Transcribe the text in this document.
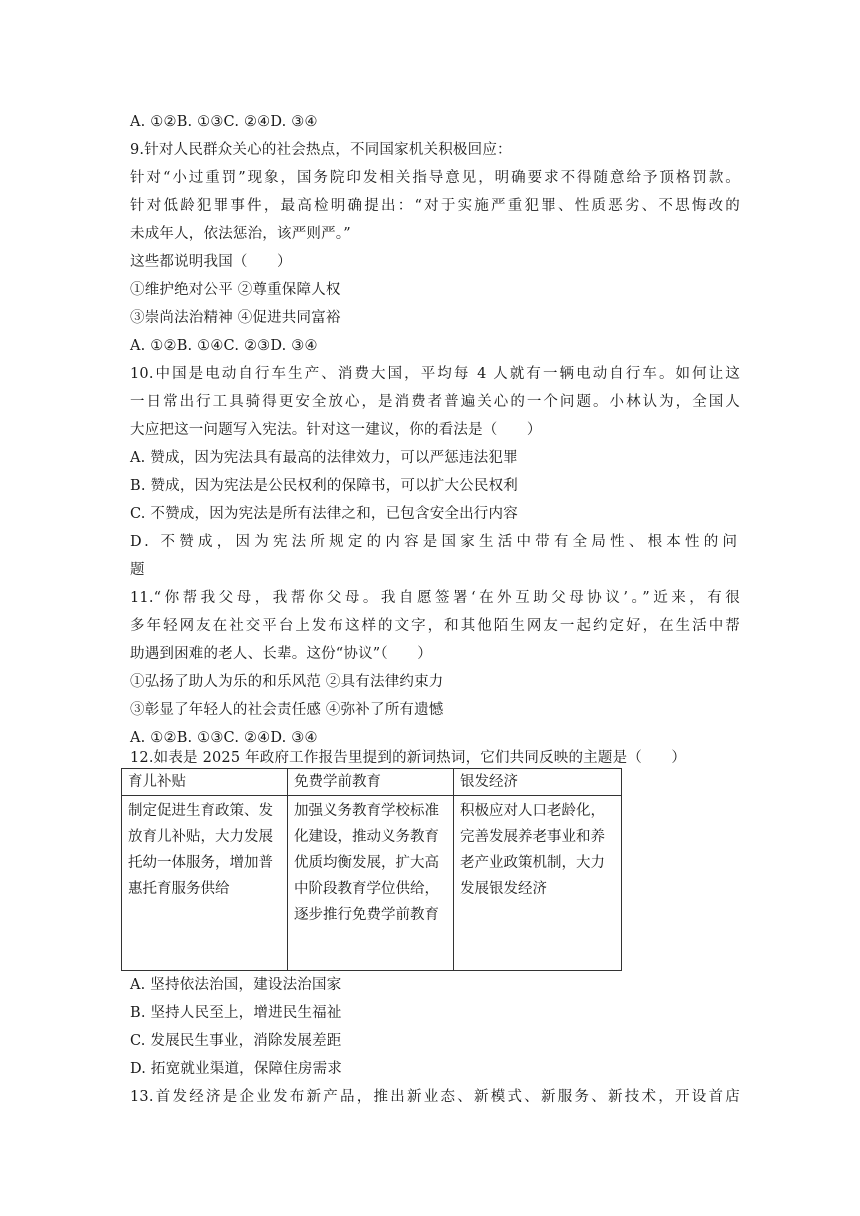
A. ①②B. ①③C. ②④D. ③④
9.针对人民群众关心的社会热点，不同国家机关积极回应：
针对“小过重罚”现象，国务院印发相关指导意见，明确要求不得随意给予顶格罚款。
针对低龄犯罪事件，最高检明确提出：“对于实施严重犯罪、性质恶劣、不思悔改的
未成年人，依法惩治，该严则严。”
这些都说明我国（　　）
①维护绝对公平 ②尊重保障人权
③崇尚法治精神 ④促进共同富裕
A. ①②B. ①④C. ②③D. ③④
10.中国是电动自行车生产、消费大国，平均每 4 人就有一辆电动自行车。如何让这
一日常出行工具骑得更安全放心，是消费者普遍关心的一个问题。小林认为，全国人
大应把这一问题写入宪法。针对这一建议，你的看法是（　　）
A. 赞成，因为宪法具有最高的法律效力，可以严惩违法犯罪
B. 赞成，因为宪法是公民权利的保障书，可以扩大公民权利
C. 不赞成，因为宪法是所有法律之和，已包含安全出行内容
D. 不赞成，因为宪法所规定的内容是国家生活中带有全局性、根本性的问
题
11.“你帮我父母，我帮你父母。我自愿签署‘在外互助父母协议’。”近来，有很
多年轻网友在社交平台上发布这样的文字，和其他陌生网友一起约定好，在生活中帮
助遇到困难的老人、长辈。这份“协议”（　　）
①弘扬了助人为乐的和乐风范 ②具有法律约束力
③彰显了年轻人的社会责任感 ④弥补了所有遗憾
A. ①②B. ①③C. ②④D. ③④
12.如表是 2025 年政府工作报告里提到的新词热词，它们共同反映的主题是（　　）
育儿补贴	免费学前教育	银发经济
制定促进生育政策、发放育儿补贴，大力发展托幼一体服务，增加普惠托育服务供给	加强义务教育学校标准化建设，推动义务教育优质均衡发展，扩大高中阶段教育学位供给，逐步推行免费学前教育	积极应对人口老龄化，完善发展养老事业和养老产业政策机制，大力发展银发经济
A. 坚持依法治国，建设法治国家
B. 坚持人民至上，增进民生福祉
C. 发展民生事业，消除发展差距
D. 拓宽就业渠道，保障住房需求
13.首发经济是企业发布新产品，推出新业态、新模式、新服务、新技术，开设首店
